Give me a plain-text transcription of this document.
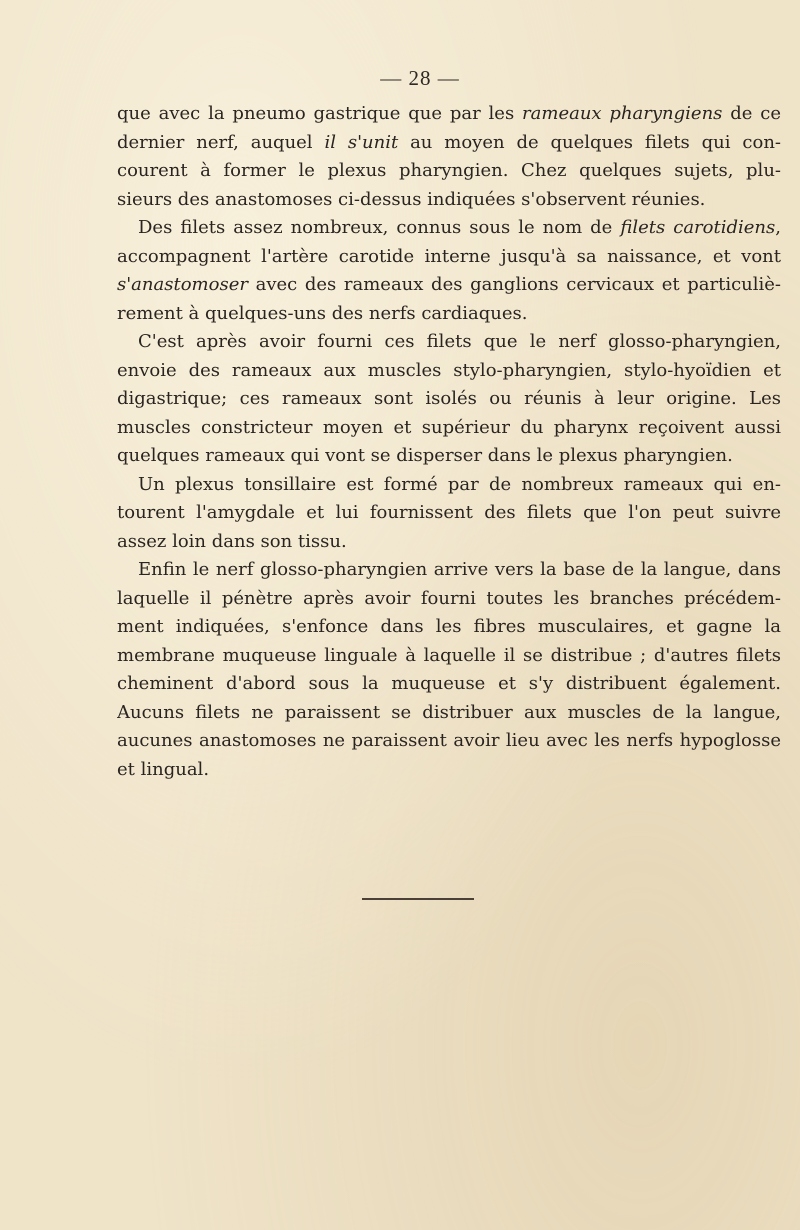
— 28 —
que avec la pneumo gastrique que par les rameaux pharyngiens de ce
dernier nerf, auquel il s'unit au moyen de quelques filets qui con-
courent à former le plexus pharyngien. Chez quelques sujets, plu-
sieurs des anastomoses ci-dessus indiquées s'observent réunies.
Des filets assez nombreux, connus sous le nom de filets carotidiens,
accompagnent l'artère carotide interne jusqu'à sa naissance, et vont
s'anastomoser avec des rameaux des ganglions cervicaux et particuliè-
rement à quelques-uns des nerfs cardiaques.
C'est après avoir fourni ces filets que le nerf glosso-pharyngien,
envoie des rameaux aux muscles stylo-pharyngien, stylo-hyoïdien et
digastrique; ces rameaux sont isolés ou réunis à leur origine. Les
muscles constricteur moyen et supérieur du pharynx reçoivent aussi
quelques rameaux qui vont se disperser dans le plexus pharyngien.
Un plexus tonsillaire est formé par de nombreux rameaux qui en-
tourent l'amygdale et lui fournissent des filets que l'on peut suivre
assez loin dans son tissu.
Enfin le nerf glosso-pharyngien arrive vers la base de la langue, dans
laquelle il pénètre après avoir fourni toutes les branches précédem-
ment indiquées, s'enfonce dans les fibres musculaires, et gagne la
membrane muqueuse linguale à laquelle il se distribue ; d'autres filets
cheminent d'abord sous la muqueuse et s'y distribuent également.
Aucuns filets ne paraissent se distribuer aux muscles de la langue,
aucunes anastomoses ne paraissent avoir lieu avec les nerfs hypoglosse
et lingual.
